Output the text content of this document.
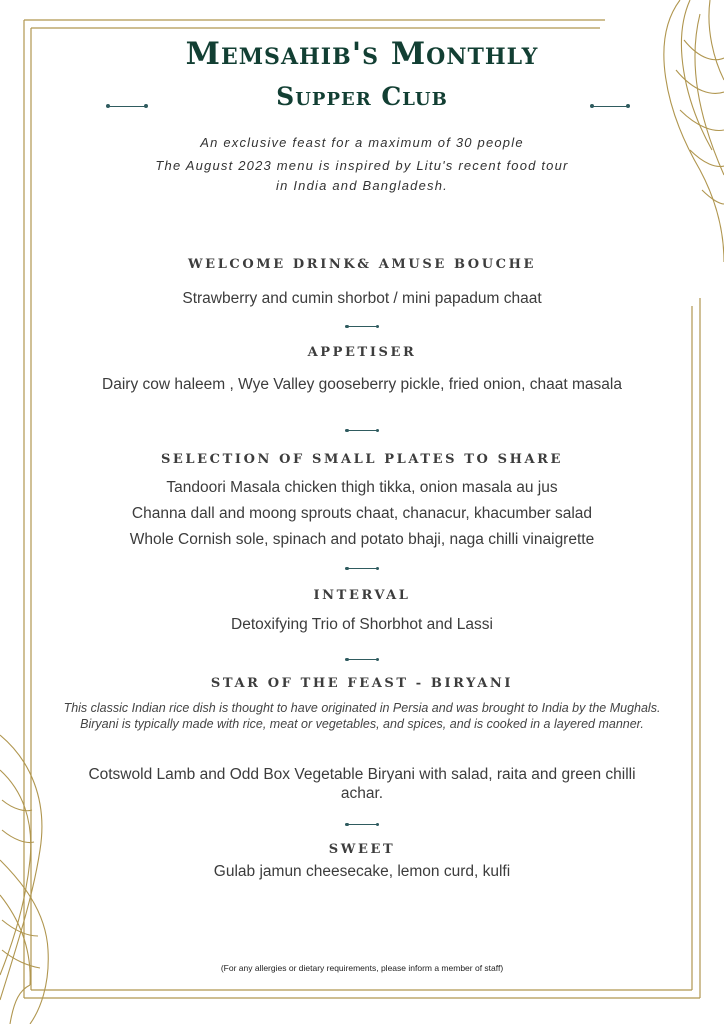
Memsahib's Monthly
Supper Club

An exclusive feast for a maximum of 30 people

The August 2023 menu is inspired by Litu's recent food tour

in India and Bangladesh.

WELCOME DRINK& AMUSE BOUCHE

Strawberry and cumin shorbot / mini papadum chaat

APPETISER

Dairy cow haleem , Wye Valley gooseberry pickle, fried onion, chaat masala

SELECTION OF SMALL PLATES TO SHARE

Tandoori Masala chicken thigh tikka, onion masala au jus

Channa dall and moong sprouts chaat, chanacur, khacumber salad

Whole Cornish sole, spinach and potato bhaji, naga chilli vinaigrette

INTERVAL

Detoxifying Trio of Shorbhot and Lassi

STAR OF THE FEAST - BIRYANI

This classic Indian rice dish is thought to have originated in Persia and was brought to India by the Mughals. Biryani is typically made with rice, meat or vegetables, and spices, and is cooked in a layered manner.

Cotswold Lamb and Odd Box Vegetable Biryani with salad, raita and green chilli achar.

SWEET

Gulab jamun cheesecake, lemon curd, kulfi

(For any allergies or dietary requirements, please inform a member of staff)
